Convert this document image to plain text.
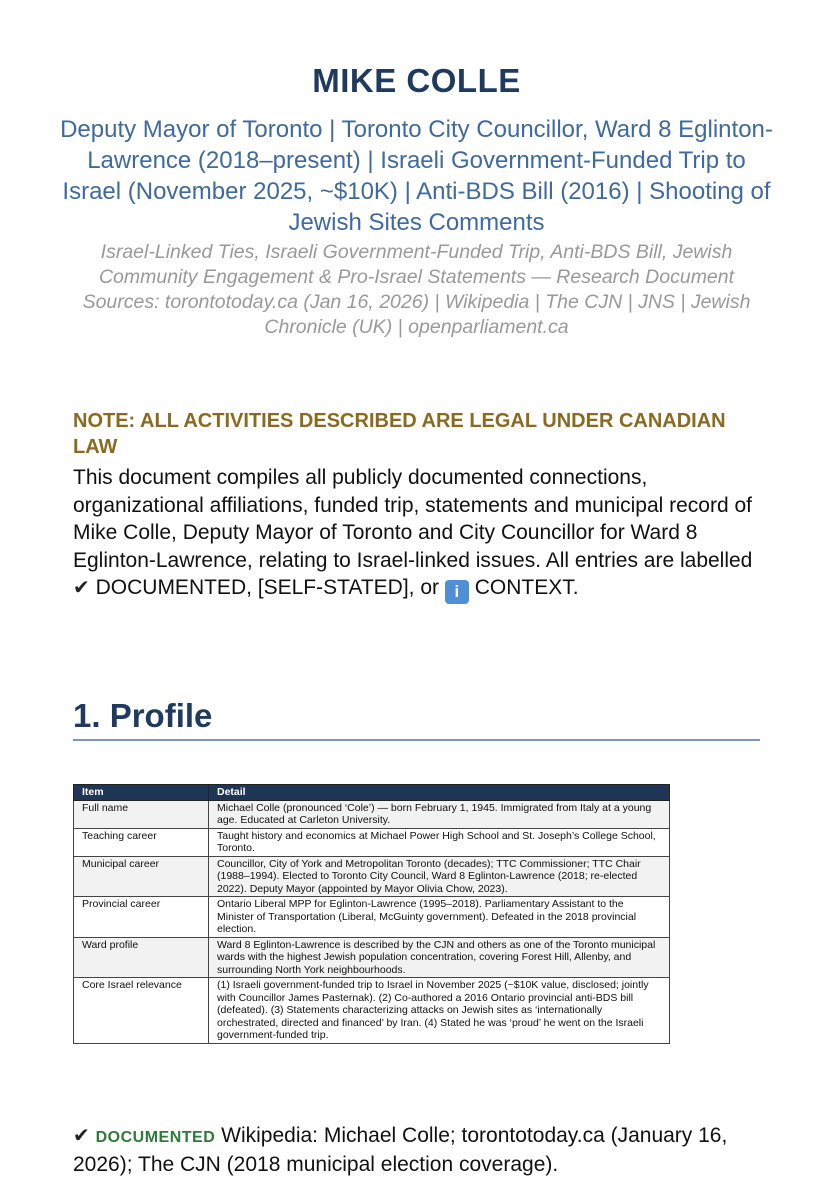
MIKE COLLE
Deputy Mayor of Toronto | Toronto City Councillor, Ward 8 Eglinton-Lawrence (2018–present) | Israeli Government-Funded Trip to Israel (November 2025, ~$10K) | Anti-BDS Bill (2016) | Shooting of Jewish Sites Comments
Israel-Linked Ties, Israeli Government-Funded Trip, Anti-BDS Bill, Jewish Community Engagement & Pro-Israel Statements — Research Document
Sources: torontotoday.ca (Jan 16, 2026) | Wikipedia | The CJN | JNS | Jewish Chronicle (UK) | openparliament.ca
NOTE: ALL ACTIVITIES DESCRIBED ARE LEGAL UNDER CANADIAN LAW
This document compiles all publicly documented connections, organizational affiliations, funded trip, statements and municipal record of Mike Colle, Deputy Mayor of Toronto and City Councillor for Ward 8 Eglinton-Lawrence, relating to Israel-linked issues. All entries are labelled ✔ DOCUMENTED, [SELF-STATED], or i CONTEXT.
1. Profile
Item	Detail
Full name	Michael Colle (pronounced ‘Cole’) — born February 1, 1945. Immigrated from Italy at a young age. Educated at Carleton University.
Teaching career	Taught history and economics at Michael Power High School and St. Joseph’s College School, Toronto.
Municipal career	Councillor, City of York and Metropolitan Toronto (decades); TTC Commissioner; TTC Chair (1988–1994). Elected to Toronto City Council, Ward 8 Eglinton-Lawrence (2018; re-elected 2022). Deputy Mayor (appointed by Mayor Olivia Chow, 2023).
Provincial career	Ontario Liberal MPP for Eglinton-Lawrence (1995–2018). Parliamentary Assistant to the Minister of Transportation (Liberal, McGuinty government). Defeated in the 2018 provincial election.
Ward profile	Ward 8 Eglinton-Lawrence is described by the CJN and others as one of the Toronto municipal wards with the highest Jewish population concentration, covering Forest Hill, Allenby, and surrounding North York neighbourhoods.
Core Israel relevance	(1) Israeli government-funded trip to Israel in November 2025 (~$10K value, disclosed; jointly with Councillor James Pasternak). (2) Co-authored a 2016 Ontario provincial anti-BDS bill (defeated). (3) Statements characterizing attacks on Jewish sites as ‘internationally orchestrated, directed and financed’ by Iran. (4) Stated he was ‘proud’ he went on the Israeli government-funded trip.
✔ DOCUMENTED Wikipedia: Michael Colle; torontotoday.ca (January 16, 2026); The CJN (2018 municipal election coverage).
